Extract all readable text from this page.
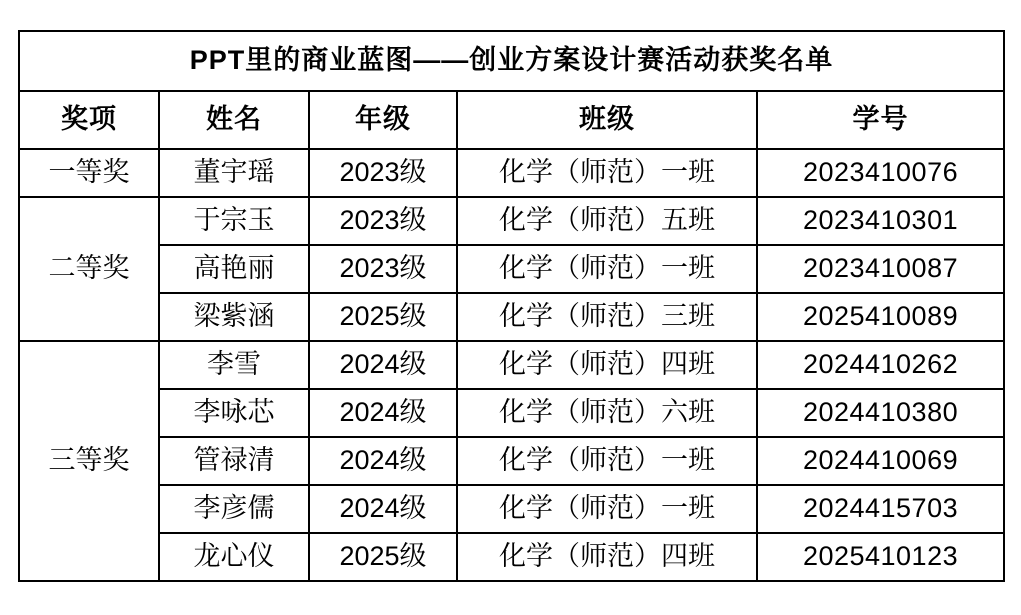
PPT里的商业蓝图——创业方案设计赛活动获奖名单				
奖项	姓名	年级	班级	学号
一等奖	董宇瑶	2023级	化学（师范）一班	2023410076
二等奖	于宗玉	2023级	化学（师范）五班	2023410301
	高艳丽	2023级	化学（师范）一班	2023410087
	梁紫涵	2025级	化学（师范）三班	2025410089
三等奖	李雪	2024级	化学（师范）四班	2024410262
	李咏芯	2024级	化学（师范）六班	2024410380
	管禄清	2024级	化学（师范）一班	2024410069
	李彦儒	2024级	化学（师范）一班	2024415703
	龙心仪	2025级	化学（师范）四班	2025410123
